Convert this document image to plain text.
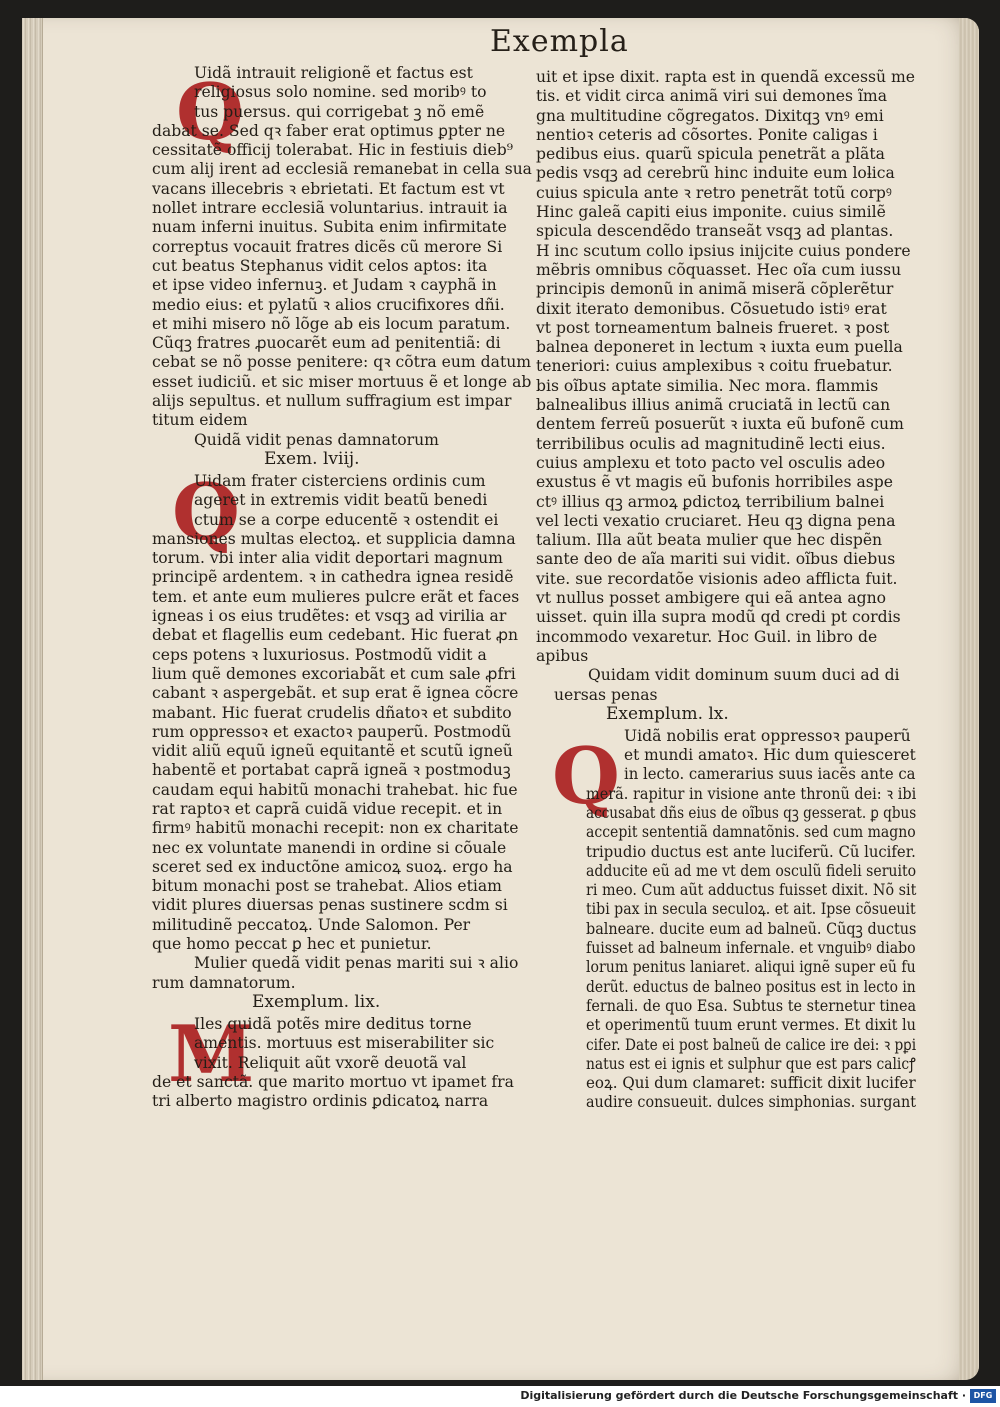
Exempla
Q
Q
M
Q
Uidã intrauit religionẽ et factus est
religiosus solo nomine. sed moribꝰ to
tus puersus. qui corrigebat ꝫ nõ emẽ
dabat se. Sed qꝛ faber erat optimus ꝑpter ne
cessitatẽ officij tolerabat. Hic in festiuis dieb⁹
cum alij irent ad ecclesiã remanebat in cella sua
vacans illecebris ꝛ ebrietati. Et factum est vt
nollet intrare ecclesiã voluntarius. intrauit ia
nuam inferni inuitus. Subita enim infirmitate
correptus vocauit fratres dicẽs cũ merore Si
cut beatus Stephanus vidit celos aptos: ita
et ipse video infernuꝫ. et Judam ꝛ cayphã in
medio eius: et pylatũ ꝛ alios crucifixores dñi.
et mihi misero nõ lõge ab eis locum paratum.
Cũqꝫ fratres ꝓuocarẽt eum ad penitentiã: di
cebat se nõ posse penitere: qꝛ cõtra eum datum
esset iudiciũ. et sic miser mortuus ẽ et longe ab
alijs sepultus. et nullum suffragium est impar
titum eidem
Quidã vidit penas damnatorum
Exem. lviij.
Uidam frater cisterciens ordinis cum
ageret in extremis vidit beatũ benedi
ctum se a corpe educentẽ ꝛ ostendit ei
mansiones multas electoꝝ. et supplicia damna
torum. vbi inter alia vidit deportari magnum
principẽ ardentem. ꝛ in cathedra ignea residẽ
tem. et ante eum mulieres pulcre erãt et faces
igneas i os eius trudẽtes: et vsqꝫ ad virilia ar
debat et flagellis eum cedebant. Hic fuerat ꝓn
ceps potens ꝛ luxuriosus. Postmodũ vidit a
lium quẽ demones excoriabãt et cum sale ꝓfri
cabant ꝛ aspergebãt. et sup erat ẽ ignea cõcre
mabant. Hic fuerat crudelis dñatoꝛ et subdito
rum oppressoꝛ et exactoꝛ pauperũ. Postmodũ
vidit aliũ equũ igneũ equitantẽ et scutũ igneũ
habentẽ et portabat caprã igneã ꝛ postmoduꝫ
caudam equi habitũ monachi trahebat. hic fue
rat raptoꝛ et caprã cuidã vidue recepit. et in
firmꝰ habitũ monachi recepit: non ex charitate
nec ex voluntate manendi in ordine si cõuale
sceret sed ex inductõne amicoꝝ suoꝝ. ergo ha
bitum monachi post se trahebat. Alios etiam
vidit plures diuersas penas sustinere scdm si
militudinẽ peccatoꝝ. Unde Salomon. Per
que homo peccat ꝑ hec et punietur.
Mulier quedã vidit penas mariti sui ꝛ alio
rum damnatorum.
Exemplum. lix.
Iles quidã potẽs mire deditus torne
amentis. mortuus est miserabiliter sic
vixit. Reliquit aũt vxorẽ deuotã val
de et sanctã. que marito mortuo vt ipamet fra
tri alberto magistro ordinis ꝑdicatoꝝ narra
uit et ipse dixit. rapta est in quendã excessũ me
tis. et vidit circa animã viri sui demones ĩma
gna multitudine cõgregatos. Dixitqꝫ vnꝰ emi
nentioꝛ ceteris ad cõsortes. Ponite caligas i
pedibus eius. quarũ spicula penetrãt a plãta
pedis vsqꝫ ad cerebrũ hinc induite eum loƚica
cuius spicula ante ꝛ retro penetrãt totũ corpꝰ
Hinc galeã capiti eius imponite. cuius similẽ
spicula descendẽdo transeãt vsqꝫ ad plantas.
H inc scutum collo ipsius inijcite cuius pondere
mẽbris omnibus cõquasset. Hec oĩa cum iussu
principis demonũ in animã miserã cõplerẽtur
dixit iterato demonibus. Cõsuetudo istiꝰ erat
vt post torneamentum balneis frueret. ꝛ post
balnea deponeret in lectum ꝛ iuxta eum puella
teneriori: cuius amplexibus ꝛ coitu fruebatur.
bis oĩbus aptate similia. Nec mora. flammis
balnealibus illius animã cruciatã in lectũ can
dentem ferreũ posuerũt ꝛ iuxta eũ bufonẽ cum
terribilibus oculis ad magnitudinẽ lecti eius.
cuius amplexu et toto pacto vel osculis adeo
exustus ẽ vt magis eũ bufonis horribiles aspe
ctꝰ illius qꝫ armoꝝ ꝑdictoꝝ terribilium balnei
vel lecti vexatio cruciaret. Heu qꝫ digna pena
talium. Illa aũt beata mulier que hec dispẽn
sante deo de aĩa mariti sui vidit. oĩbus diebus
vite. sue recordatõe visionis adeo afflicta fuit.
vt nullus posset ambigere qui eã antea agno
uisset. quin illa supra modũ qd credi pt cordis
incommodo vexaretur. Hoc Guil. in libro de
apibus
Quidam vidit dominum suum duci ad di
uersas penas
Exemplum. lx.
Uidã nobilis erat oppressoꝛ pauperũ
et mundi amatoꝛ. Hic dum quiesceret
in lecto. camerarius suus iacẽs ante ca
merã. rapitur in visione ante thronũ dei: ꝛ ibi
accusabat dñs eius de oĩbus qꝫ gesserat. ꝑ qbus
accepit sententiã damnatõnis. sed cum magno
tripudio ductus est ante luciferũ. Cũ lucifer.
adducite eũ ad me vt dem osculũ fideli seruito
ri meo. Cum aũt adductus fuisset dixit. Nõ sit
tibi pax in secula seculoꝝ. et ait. Ipse cõsueuit
balneare. ducite eum ad balneũ. Cũqꝫ ductus
fuisset ad balneum infernale. et vnguibꝰ diabo
lorum penitus laniaret. aliqui ignẽ super eũ fu
derũt. eductus de balneo positus est in lecto in
fernali. de quo Esa. Subtus te sternetur tinea
et operimentũ tuum erunt vermes. Et dixit lu
cifer. Date ei post balneũ de calice ire dei: ꝛ pꝑi
natus est ei ignis et sulphur que est pars calicꝭ
eoꝝ. Qui dum clamaret: sufficit dixit lucifer
audire consueuit. dulces simphonias. surgant
Digitalisierung gefördert durch die Deutsche Forschungsgemeinschaft · DFG
